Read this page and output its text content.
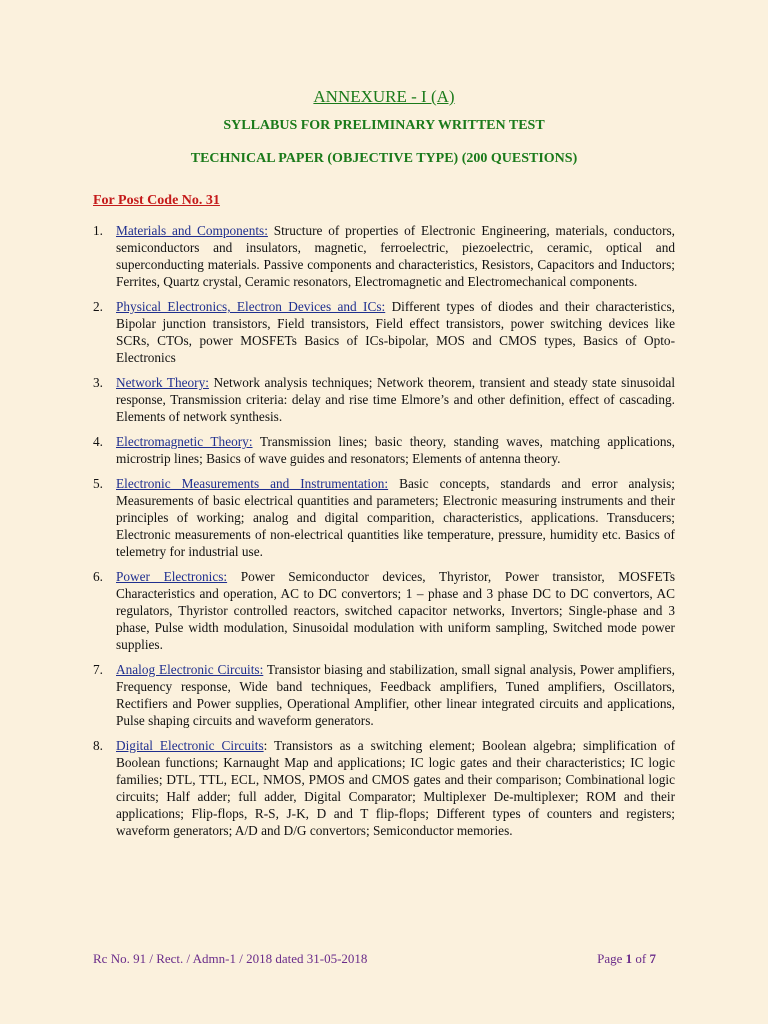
ANNEXURE - I (A)
SYLLABUS FOR PRELIMINARY WRITTEN TEST
TECHNICAL PAPER (OBJECTIVE TYPE) (200 QUESTIONS)
For Post Code No. 31
1. Materials and Components: Structure of properties of Electronic Engineering, materials, conductors, semiconductors and insulators, magnetic, ferroelectric, piezoelectric, ceramic, optical and superconducting materials. Passive components and characteristics, Resistors, Capacitors and Inductors; Ferrites, Quartz crystal, Ceramic resonators, Electromagnetic and Electromechanical components.
2. Physical Electronics, Electron Devices and ICs: Different types of diodes and their characteristics, Bipolar junction transistors, Field transistors, Field effect transistors, power switching devices like SCRs, CTOs, power MOSFETs Basics of ICs-bipolar, MOS and CMOS types, Basics of Opto- Electronics
3. Network Theory: Network analysis techniques; Network theorem, transient and steady state sinusoidal response, Transmission criteria: delay and rise time Elmore’s and other definition, effect of cascading. Elements of network synthesis.
4. Electromagnetic Theory: Transmission lines; basic theory, standing waves, matching applications, microstrip lines; Basics of wave guides and resonators; Elements of antenna theory.
5. Electronic Measurements and Instrumentation: Basic concepts, standards and error analysis; Measurements of basic electrical quantities and parameters; Electronic measuring instruments and their principles of working; analog and digital comparition, characteristics, applications. Transducers; Electronic measurements of non-electrical quantities like temperature, pressure, humidity etc. Basics of telemetry for industrial use.
6. Power Electronics: Power Semiconductor devices, Thyristor, Power transistor, MOSFETs Characteristics and operation, AC to DC convertors; 1 – phase and 3 phase DC to DC convertors, AC regulators, Thyristor controlled reactors, switched capacitor networks, Invertors; Single-phase and 3 phase, Pulse width modulation, Sinusoidal modulation with uniform sampling, Switched mode power supplies.
7. Analog Electronic Circuits: Transistor biasing and stabilization, small signal analysis, Power amplifiers, Frequency response, Wide band techniques, Feedback amplifiers, Tuned amplifiers, Oscillators, Rectifiers and Power supplies, Operational Amplifier, other linear integrated circuits and applications, Pulse shaping circuits and waveform generators.
8. Digital Electronic Circuits: Transistors as a switching element; Boolean algebra; simplification of Boolean functions; Karnaught Map and applications; IC logic gates and their characteristics; IC logic families; DTL, TTL, ECL, NMOS, PMOS and CMOS gates and their comparison; Combinational logic circuits; Half adder; full adder, Digital Comparator; Multiplexer De-multiplexer; ROM and their applications; Flip-flops, R-S, J-K, D and T flip-flops; Different types of counters and registers; waveform generators; A/D and D/G convertors; Semiconductor memories.
Rc No. 91 / Rect. / Admn-1 / 2018 dated 31-05-2018	Page 1 of 7
